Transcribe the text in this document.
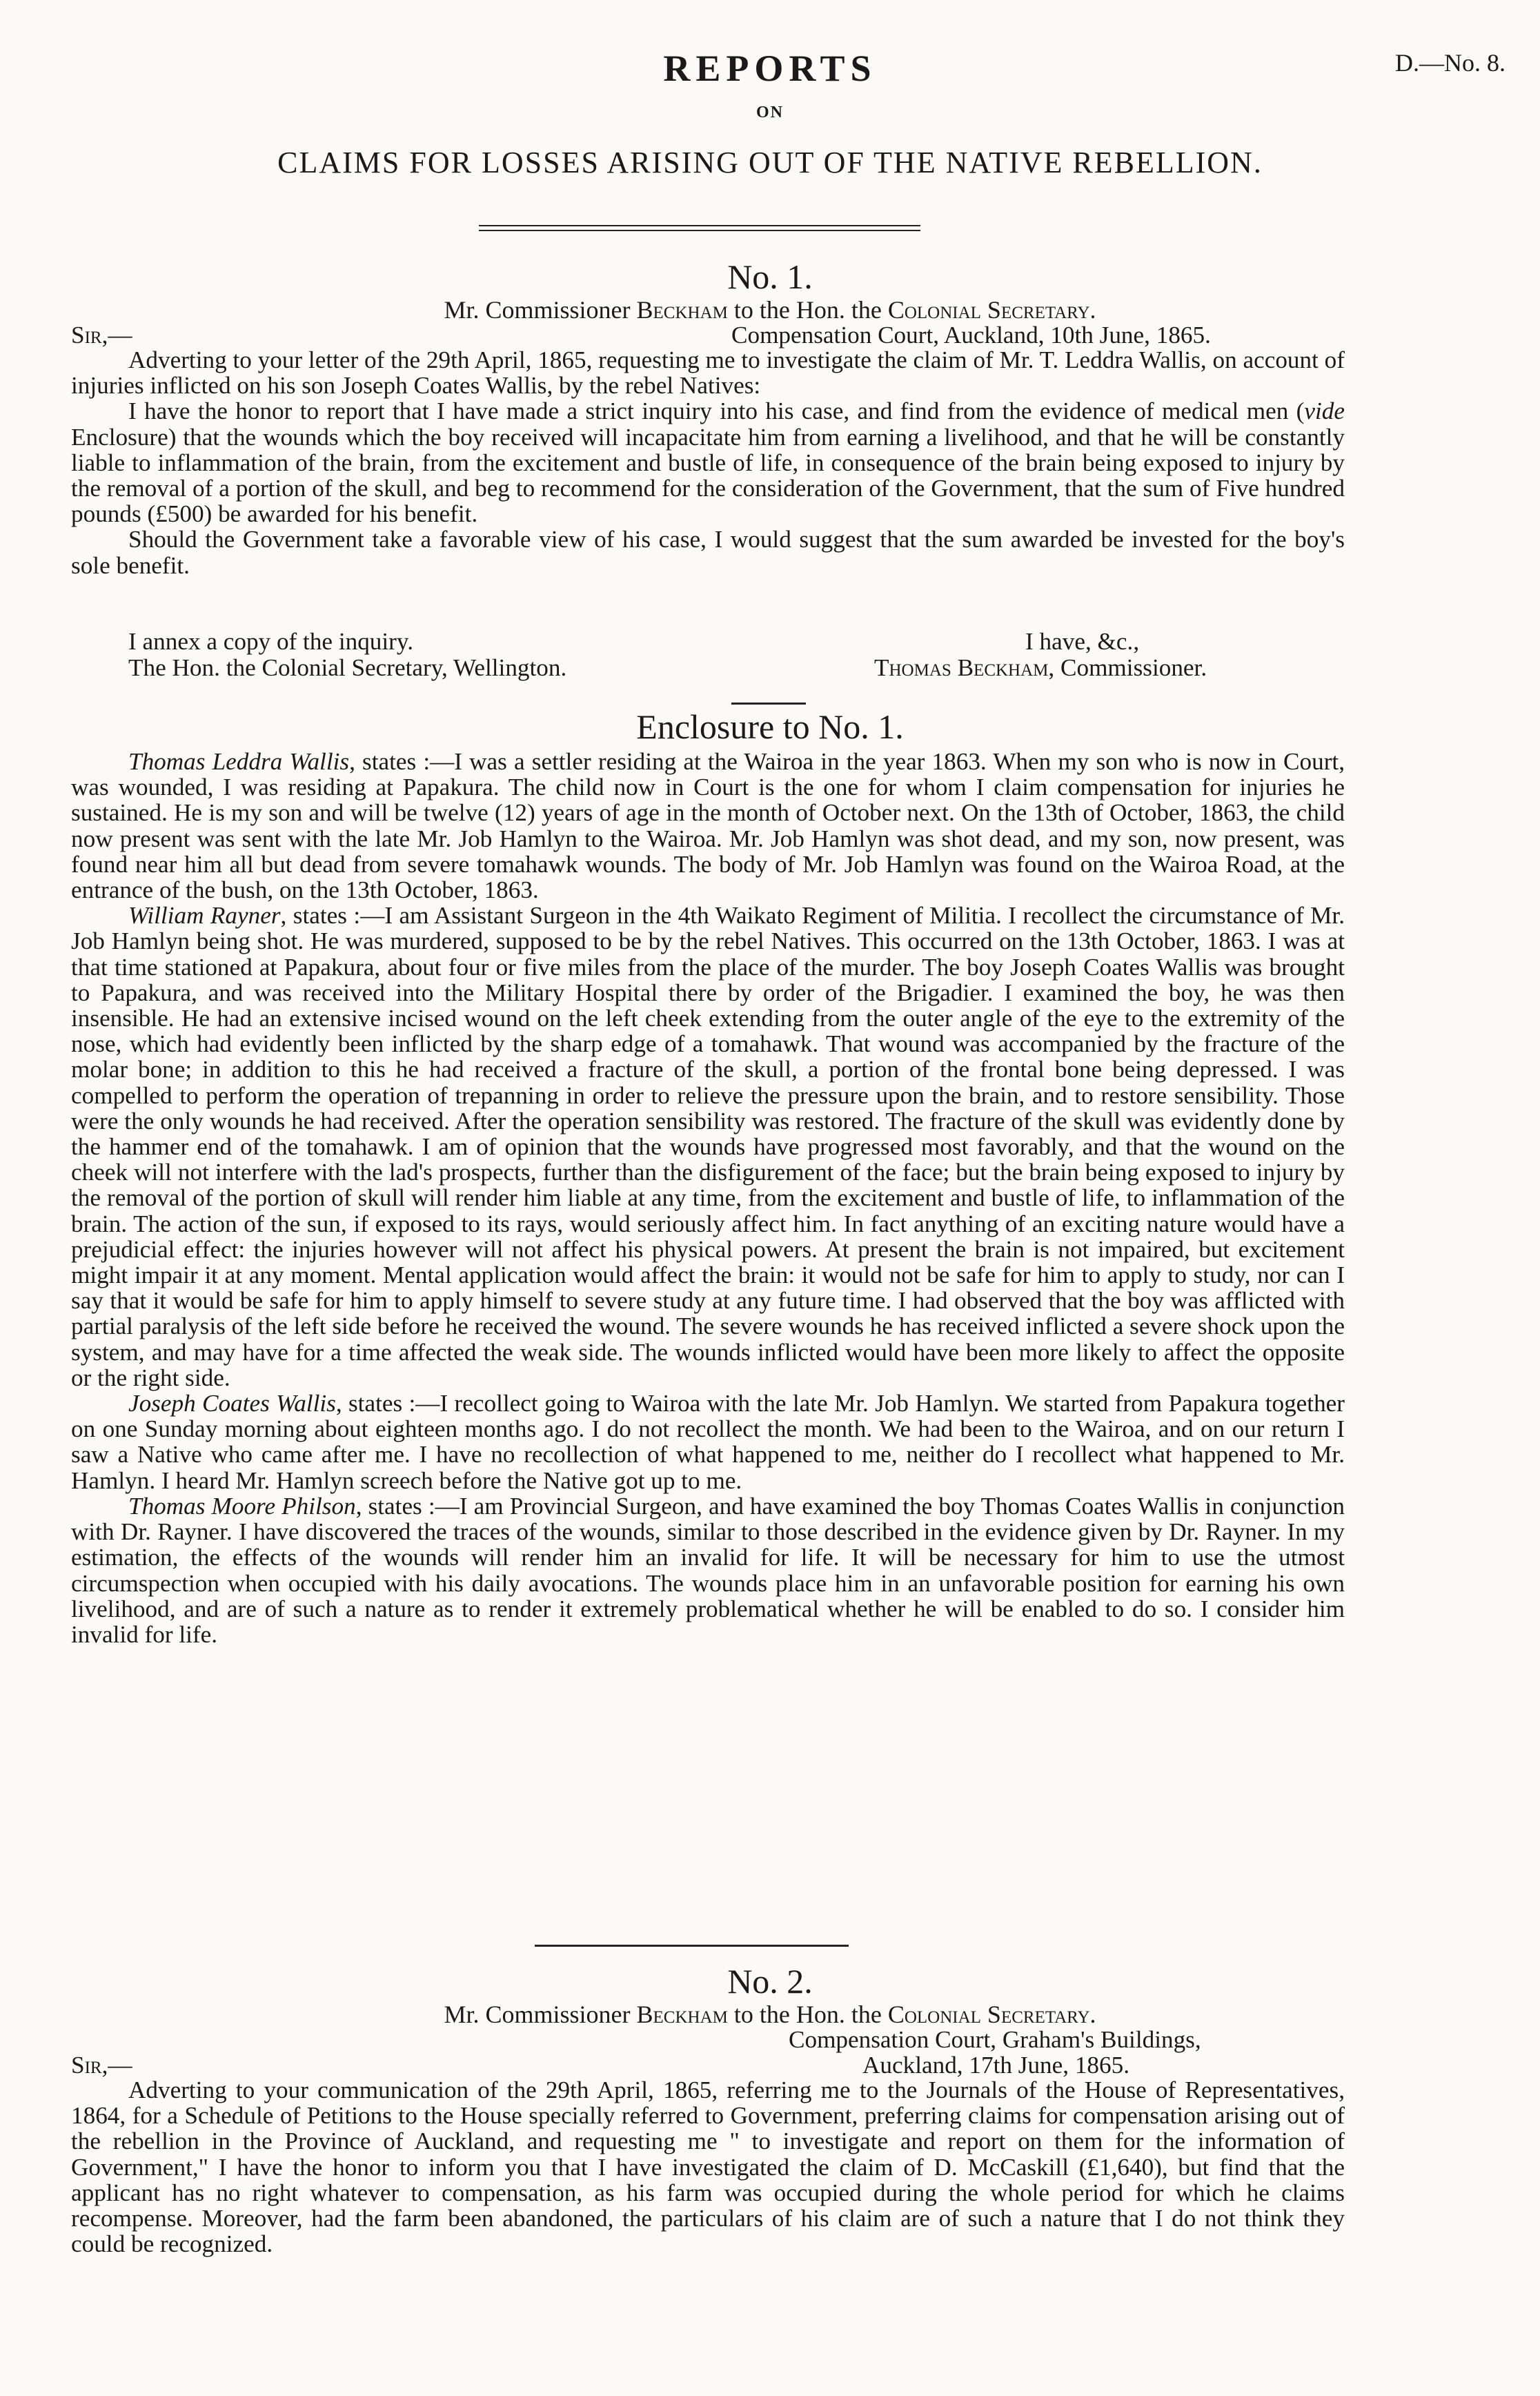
D.—No. 8.
REPORTS
ON
CLAIMS FOR LOSSES ARISING OUT OF THE NATIVE REBELLION.
No. 1.
Mr. Commissioner Beckham to the Hon. the Colonial Secretary.
Sir,—	Compensation Court, Auckland, 10th June, 1865.

Adverting to your letter of the 29th April, 1865, requesting me to investigate the claim of Mr. T. Leddra Wallis, on account of injuries inflicted on his son Joseph Coates Wallis, by the rebel Natives:

I have the honor to report that I have made a strict inquiry into his case, and find from the evidence of medical men (vide Enclosure) that the wounds which the boy received will incapacitate him from earning a livelihood, and that he will be constantly liable to inflammation of the brain, from the excitement and bustle of life, in consequence of the brain being exposed to injury by the removal of a portion of the skull, and beg to recommend for the consideration of the Government, that the sum of Five hundred pounds (£500) be awarded for his benefit.

Should the Government take a favorable view of his case, I would suggest that the sum awarded be invested for the boy's sole benefit.

I annex a copy of the inquiry.	I have, &c.,
The Hon. the Colonial Secretary, Wellington.	Thomas Beckham, Commissioner.
Enclosure to No. 1.

Thomas Leddra Wallis, states :—I was a settler residing at the Wairoa in the year 1863. When my son who is now in Court, was wounded, I was residing at Papakura. The child now in Court is the one for whom I claim compensation for injuries he sustained. He is my son and will be twelve (12) years of age in the month of October next. On the 13th of October, 1863, the child now present was sent with the late Mr. Job Hamlyn to the Wairoa. Mr. Job Hamlyn was shot dead, and my son, now present, was found near him all but dead from severe tomahawk wounds. The body of Mr. Job Hamlyn was found on the Wairoa Road, at the entrance of the bush, on the 13th October, 1863.

William Rayner, states :—I am Assistant Surgeon in the 4th Waikato Regiment of Militia. I recollect the circumstance of Mr. Job Hamlyn being shot. He was murdered, supposed to be by the rebel Natives. This occurred on the 13th October, 1863. I was at that time stationed at Papakura, about four or five miles from the place of the murder. The boy Joseph Coates Wallis was brought to Papakura, and was received into the Military Hospital there by order of the Brigadier. I examined the boy, he was then insensible. He had an extensive incised wound on the left cheek extending from the outer angle of the eye to the extremity of the nose, which had evidently been inflicted by the sharp edge of a tomahawk. That wound was accompanied by the fracture of the molar bone; in addition to this he had received a fracture of the skull, a portion of the frontal bone being depressed. I was compelled to perform the operation of trepanning in order to relieve the pressure upon the brain, and to restore sensibility. Those were the only wounds he had received. After the operation sensibility was restored. The fracture of the skull was evidently done by the hammer end of the tomahawk. I am of opinion that the wounds have progressed most favorably, and that the wound on the cheek will not interfere with the lad's prospects, further than the disfigurement of the face; but the brain being exposed to injury by the removal of the portion of skull will render him liable at any time, from the excitement and bustle of life, to inflammation of the brain. The action of the sun, if exposed to its rays, would seriously affect him. In fact anything of an exciting nature would have a prejudicial effect: the injuries however will not affect his physical powers. At present the brain is not impaired, but excitement might impair it at any moment. Mental application would affect the brain: it would not be safe for him to apply to study, nor can I say that it would be safe for him to apply himself to severe study at any future time. I had observed that the boy was afflicted with partial paralysis of the left side before he received the wound. The severe wounds he has received inflicted a severe shock upon the system, and may have for a time affected the weak side. The wounds inflicted would have been more likely to affect the opposite or the right side.

Joseph Coates Wallis, states :—I recollect going to Wairoa with the late Mr. Job Hamlyn. We started from Papakura together on one Sunday morning about eighteen months ago. I do not recollect the month. We had been to the Wairoa, and on our return I saw a Native who came after me. I have no recollection of what happened to me, neither do I recollect what happened to Mr. Hamlyn. I heard Mr. Hamlyn screech before the Native got up to me.

Thomas Moore Philson, states :—I am Provincial Surgeon, and have examined the boy Thomas Coates Wallis in conjunction with Dr. Rayner. I have discovered the traces of the wounds, similar to those described in the evidence given by Dr. Rayner. In my estimation, the effects of the wounds will render him an invalid for life. It will be necessary for him to use the utmost circumspection when occupied with his daily avocations. The wounds place him in an unfavorable position for earning his own livelihood, and are of such a nature as to render it extremely problematical whether he will be enabled to do so. I consider him invalid for life.

No. 2.
Mr. Commissioner Beckham to the Hon. the Colonial Secretary.
Compensation Court, Graham's Buildings,
Sir,—	Auckland, 17th June, 1865.

Adverting to your communication of the 29th April, 1865, referring me to the Journals of the House of Representatives, 1864, for a Schedule of Petitions to the House specially referred to Government, preferring claims for compensation arising out of the rebellion in the Province of Auckland, and requesting me " to investigate and report on them for the information of Government," I have the honor to inform you that I have investigated the claim of D. McCaskill (£1,640), but find that the applicant has no right whatever to compensation, as his farm was occupied during the whole period for which he claims recompense. Moreover, had the farm been abandoned, the particulars of his claim are of such a nature that I do not think they could be recognized.
